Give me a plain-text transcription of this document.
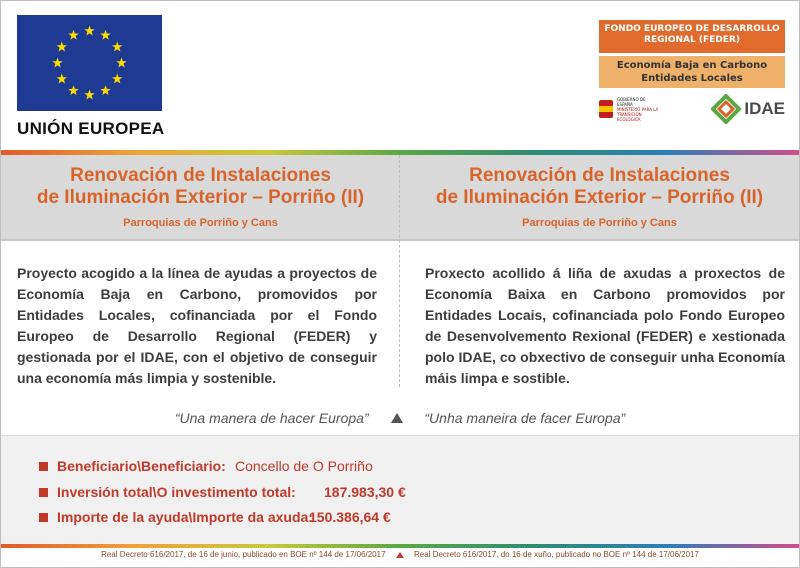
UNIÓN EUROPEA
FONDO EUROPEO DE DESARROLLO REGIONAL (FEDER)
Economía Baja en Carbono Entidades Locales
GOBIERNO DE ESPAÑA
MINISTERIO PARA LA TRANSICIÓN ECOLÓGICA
IDAE
Renovación de Instalaciones
de Iluminación Exterior – Porriño (II)
Parroquias de Porriño y Cans
Renovación de Instalaciones
de Iluminación Exterior – Porriño (II)
Parroquias de Porriño y Cans
Proyecto acogido a la línea de ayudas a proyectos de Economía Baja en Carbono, promovidos por Entidades Locales, cofinanciada por el Fondo Europeo de Desarrollo Regional (FEDER) y gestionada por el IDAE, con el objetivo de conseguir una economía más limpia y sostenible.
Proxecto acollido á liña de axudas a proxectos de Economía Baixa en Carbono promovidos por Entidades Locais, cofinanciada polo Fondo Europeo de Desenvolvemento Rexional (FEDER) e xestionada polo IDAE, co obxectivo de conseguir unha Economía máis limpa e sostible.
“Una manera de hacer Europa”	“Unha maneira de facer Europa”
Beneficiario\Beneficiario: Concello de O Porriño
Inversión total\O investimento total: 187.983,30 €
Importe de la ayuda\Importe da axuda:
150.386,64 €
Real Decreto 616/2017, de 16 de junio, publicado en BOE nº 144 de 17/06/2017	Real Decreto 616/2017, do 16 de xuño, publicado no BOE nº 144 de 17/06/2017
